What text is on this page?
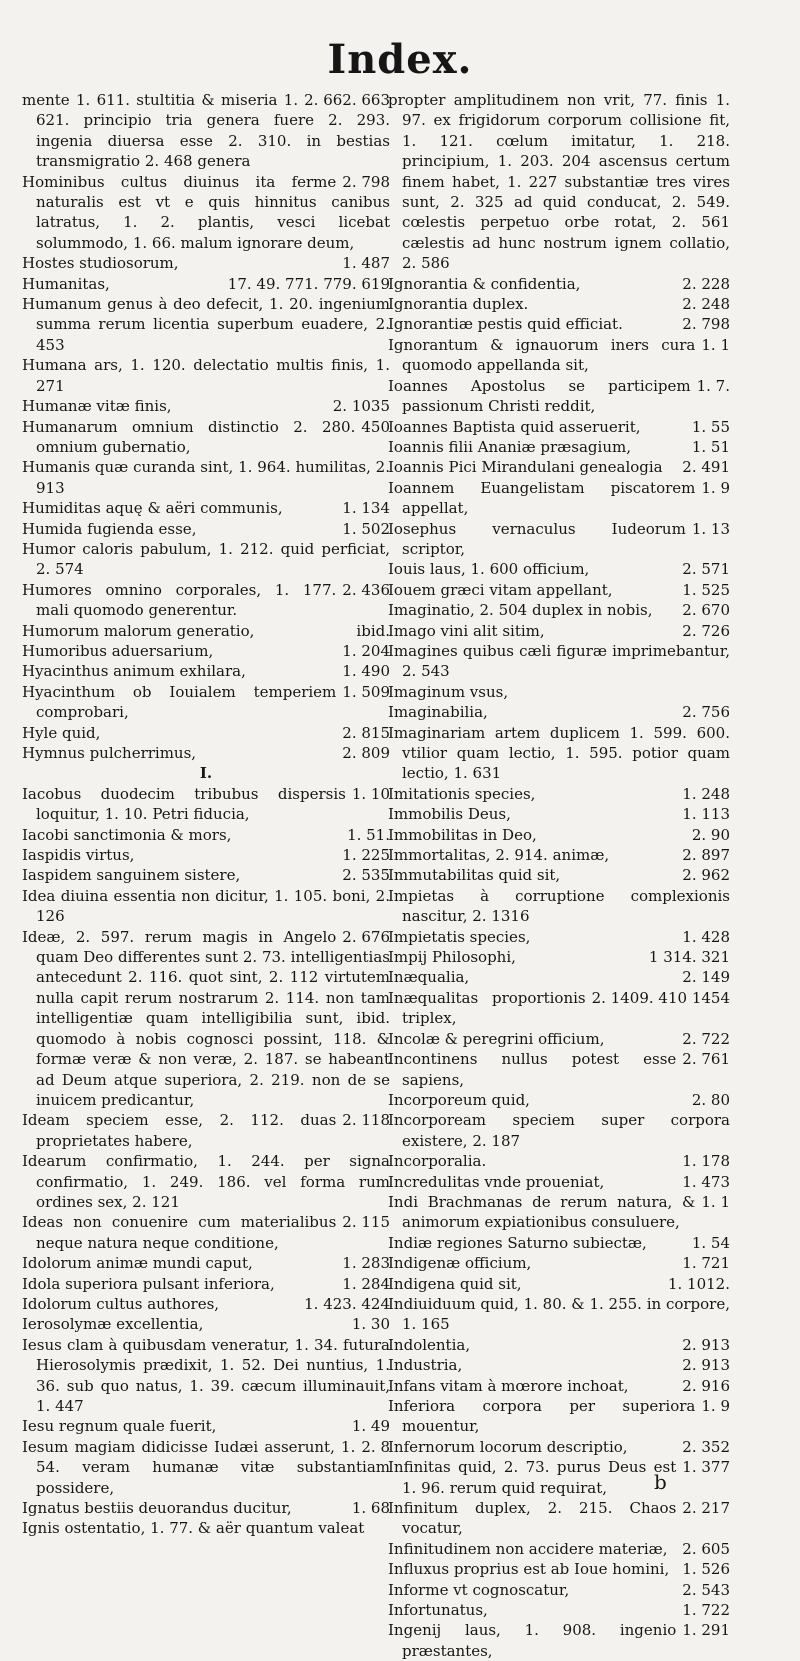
Index.
2. 662. 663
mente 1. 611. stultitia & miseria 1. 621. principio tria genera fuere 2. 293. ingenia diuersa esse 2. 310. in bestias transmigratio 2. 468 genera
2. 798
Hominibus cultus diuinus ita ferme naturalis est vt e quis hinnitus canibus latratus, 1. 2. plantis, vesci licebat solummodo, 1. 66. malum ignorare deum,
1. 487
Hostes studiosorum,
17. 49. 771. 779. 619
Humanitas,
Humanum genus à deo defecit, 1. 20. ingenium summa rerum licentia superbum euadere, 2. 453
Humana ars, 1. 120. delectatio multis finis, 1. 271
2. 1035
Humanæ vitæ finis,
450
Humanarum omnium distinctio 2. 280. omnium gubernatio,
Humanis quæ curanda sint, 1. 964. humilitas, 2. 913
1. 134
Humiditas aquę & aëri communis,
1. 502
Humida fugienda esse,
Humor caloris pabulum, 1. 212. quid perficiat, 2. 574
2. 436
Humores omnino corporales, 1. 177. mali quomodo generentur.
ibid.
Humorum malorum generatio,
1. 204
Humoribus aduersarium,
1. 490
Hyacinthus animum exhilara,
1. 509
Hyacinthum ob Iouialem temperiem comprobari,
2. 815
Hyle quid,
2. 809
Hymnus pulcherrimus,
I.
1. 10
Iacobus duodecim tribubus dispersis loquitur, 1. 10. Petri fiducia,
1. 51.
Iacobi sanctimonia & mors,
1. 225
Iaspidis virtus,
2. 535
Iaspidem sanguinem sistere,
Idea diuina essentia non dicitur, 1. 105. boni, 2. 126
2. 676
Ideæ, 2. 597. rerum magis in Angelo quam Deo differentes sunt 2. 73. intelligentias antecedunt 2. 116. quot sint, 2. 112 virtutem nulla capit rerum nostrarum 2. 114. non tam intelligentiæ quam intelligibilia sunt, ibid. quomodo à nobis cognosci possint, 118. & formæ veræ & non veræ, 2. 187. se habeant ad Deum atque superiora, 2. 219. non de se inuicem predicantur,
2. 118
Ideam speciem esse, 2. 112. duas proprietates habere,
Idearum confirmatio, 1. 244. per signa confirmatio, 1. 249. 186. vel forma rum ordines sex, 2. 121
2. 115
Ideas non conuenire cum materialibus neque natura neque conditione,
1. 283
Idolorum animæ mundi caput,
1. 284
Idola superiora pulsant inferiora,
1. 423. 424
Idolorum cultus authores,
1. 30
Ierosolymæ excellentia,
Iesus clam à quibusdam veneratur, 1. 34. futura Hierosolymis prædixit, 1. 52. Dei nuntius, 1. 36. sub quo natus, 1. 39. cæcum illuminauit, 1. 447
1. 49
Iesu regnum quale fuerit,
2. 8
Iesum magiam didicisse Iudæi asserunt, 1. 54. veram humanæ vitæ substantiam possidere,
1. 68
Ignatus bestiis deuorandus ducitur,
Ignis ostentatio, 1. 77. & aër quantum valeat
propter amplitudinem non vrit, 77. finis 1. 97. ex frigidorum corporum collisione fit, 1. 121. cœlum imitatur, 1. 218. principium, 1. 203. 204 ascensus certum finem habet, 1. 227 substantiæ tres vires sunt, 2. 325 ad quid conducat, 2. 549. cœlestis perpetuo orbe rotat, 2. 561 cælestis ad hunc nostrum ignem collatio, 2. 586
2. 228
Ignorantia & confidentia,
2. 248
Ignorantia duplex.
2. 798
Ignorantiæ pestis quid efficiat.
1. 1
Ignorantum & ignauorum iners cura quomodo appellanda sit,
1. 7.
Ioannes Apostolus se participem passionum Christi reddit,
1. 55
Ioannes Baptista quid asseruerit,
1. 51
Ioannis filii Ananiæ præsagium,
2. 491
Ioannis Pici Mirandulani genealogia
1. 9
Ioannem Euangelistam piscatorem appellat,
1. 13
Iosephus vernaculus Iudeorum scriptor,
2. 571
Iouis laus, 1. 600 officium,
1. 525
Iouem græci vitam appellant,
2. 670
Imaginatio, 2. 504 duplex in nobis,
2. 726
Imago vini alit sitim,
Imagines quibus cæli figuræ imprimebantur, 2. 543
Imaginum vsus,
2. 756
Imaginabilia,
Imaginariam artem duplicem 1. 599. 600. vtilior quam lectio, 1. 595. potior quam lectio, 1. 631
1. 248
Imitationis species,
1. 113
Immobilis Deus,
2. 90
Immobilitas in Deo,
2. 897
Immortalitas, 2. 914. animæ,
2. 962
Immutabilitas quid sit,
Impietas à corruptione complexionis nascitur, 2. 1316
1. 428
Impietatis species,
1 314. 321
Impij Philosophi,
2. 149
Inæqualia,
2. 1409. 410 1454
Inæqualitas proportionis triplex,
2. 722
Incolæ & peregrini officium,
2. 761
Incontinens nullus potest esse sapiens,
2. 80
Incorporeum quid,
Incorpoream speciem super corpora existere, 2. 187
1. 178
Incorporalia.
1. 473
Incredulitas vnde proueniat,
1. 1
Indi Brachmanas de rerum natura, & animorum expiationibus consuluere,
1. 54
Indiæ regiones Saturno subiectæ,
1. 721
Indigenæ officium,
1. 1012.
Indigena quid sit,
Indiuiduum quid, 1. 80. & 1. 255. in corpore, 1. 165
2. 913
Indolentia,
2. 913
Industria,
2. 916
Infans vitam à mœrore inchoat,
1. 9
Inferiora corpora per superiora mouentur,
2. 352
Infernorum locorum descriptio,
1. 377
Infinitas quid, 2. 73. purus Deus est 1. 96. rerum quid requirat,
2. 217
Infinitum duplex, 2. 215. Chaos vocatur,
2. 605
Infinitudinem non accidere materiæ,
1. 526
Influxus proprius est ab Ioue homini,
2. 543
Informe vt cognoscatur,
1. 722
Infortunatus,
1. 291
Ingenij laus, 1. 908. ingenio præstantes,
b
